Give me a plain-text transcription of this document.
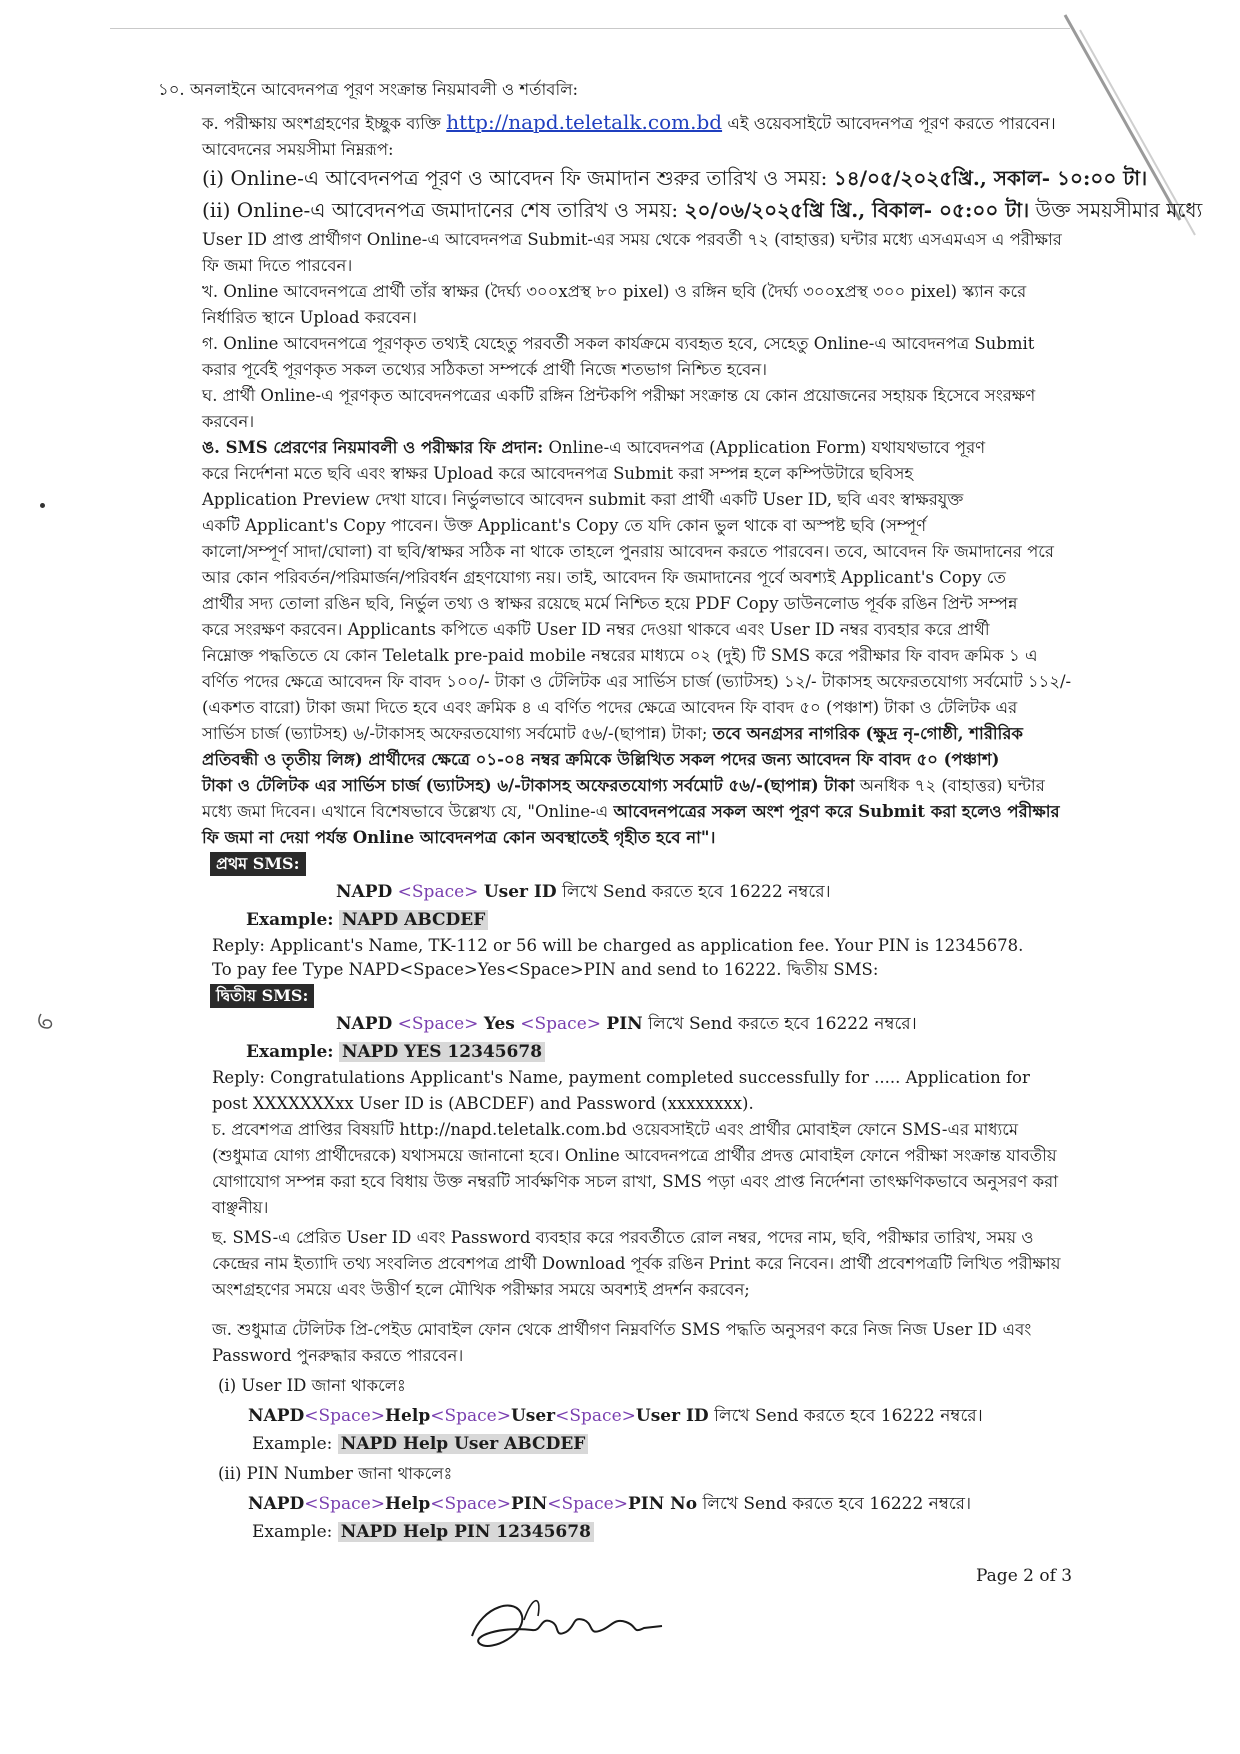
১০. অনলাইনে আবেদনপত্র পূরণ সংক্রান্ত নিয়মাবলী ও শর্তাবলি:
ক. পরীক্ষায় অংশগ্রহণের ইচ্ছুক ব্যক্তি http://napd.teletalk.com.bd এই ওয়েবসাইটে আবেদনপত্র পূরণ করতে পারবেন।
আবেদনের সময়সীমা নিম্নরূপ:
(i) Online-এ আবেদনপত্র পূরণ ও আবেদন ফি জমাদান শুরুর তারিখ ও সময়: ১৪/০৫/২০২৫খ্রি., সকাল- ১০:০০ টা।
(ii) Online-এ আবেদনপত্র জমাদানের শেষ তারিখ ও সময়: ২০/০৬/২০২৫খ্রি খ্রি., বিকাল- ০৫:০০ টা। উক্ত সময়সীমার মধ্যে
User ID প্রাপ্ত প্রার্থীগণ Online-এ আবেদনপত্র Submit-এর সময় থেকে পরবর্তী ৭২ (বাহাত্তর) ঘন্টার মধ্যে এসএমএস এ পরীক্ষার
ফি জমা দিতে পারবেন।
খ. Online আবেদনপত্রে প্রার্থী তাঁর স্বাক্ষর (দৈর্ঘ্য ৩০০xপ্রস্থ ৮০ pixel) ও রঙ্গিন ছবি (দৈর্ঘ্য ৩০০xপ্রস্থ ৩০০ pixel) স্ক্যান করে
নির্ধারিত স্থানে Upload করবেন।
গ. Online আবেদনপত্রে পূরণকৃত তথ্যই যেহেতু পরবর্তী সকল কার্যক্রমে ব্যবহৃত হবে, সেহেতু Online-এ আবেদনপত্র Submit
করার পূর্বেই পূরণকৃত সকল তথ্যের সঠিকতা সম্পর্কে প্রার্থী নিজে শতভাগ নিশ্চিত হবেন।
ঘ. প্রার্থী Online-এ পূরণকৃত আবেদনপত্রের একটি রঙ্গিন প্রিন্টকপি পরীক্ষা সংক্রান্ত যে কোন প্রয়োজনের সহায়ক হিসেবে সংরক্ষণ
করবেন।
ঙ. SMS প্রেরণের নিয়মাবলী ও পরীক্ষার ফি প্রদান: Online-এ আবেদনপত্র (Application Form) যথাযথভাবে পূরণ
করে নির্দেশনা মতে ছবি এবং স্বাক্ষর Upload করে আবেদনপত্র Submit করা সম্পন্ন হলে কম্পিউটারে ছবিসহ
Application Preview দেখা যাবে। নির্ভুলভাবে আবেদন submit করা প্রার্থী একটি User ID, ছবি এবং স্বাক্ষরযুক্ত
একটি Applicant's Copy পাবেন। উক্ত Applicant's Copy তে যদি কোন ভুল থাকে বা অস্পষ্ট ছবি (সম্পূর্ণ
কালো/সম্পূর্ণ সাদা/ঘোলা) বা ছবি/স্বাক্ষর সঠিক না থাকে তাহলে পুনরায় আবেদন করতে পারবেন। তবে, আবেদন ফি জমাদানের পরে
আর কোন পরিবর্তন/পরিমার্জন/পরিবর্ধন গ্রহণযোগ্য নয়। তাই, আবেদন ফি জমাদানের পূর্বে অবশ্যই Applicant's Copy তে
প্রার্থীর সদ্য তোলা রঙিন ছবি, নির্ভুল তথ্য ও স্বাক্ষর রয়েছে মর্মে নিশ্চিত হয়ে PDF Copy ডাউনলোড পূর্বক রঙিন প্রিন্ট সম্পন্ন
করে সংরক্ষণ করবেন। Applicants কপিতে একটি User ID নম্বর দেওয়া থাকবে এবং User ID নম্বর ব্যবহার করে প্রার্থী
নিম্নোক্ত পদ্ধতিতে যে কোন Teletalk pre-paid mobile নম্বরের মাধ্যমে ০২ (দুই) টি SMS করে পরীক্ষার ফি বাবদ ক্রমিক ১ এ
বর্ণিত পদের ক্ষেত্রে আবেদন ফি বাবদ ১০০/- টাকা ও টেলিটক এর সার্ভিস চার্জ (ভ্যাটসহ) ১২/- টাকাসহ অফেরতযোগ্য সর্বমোট ১১২/-
(একশত বারো) টাকা জমা দিতে হবে এবং ক্রমিক ৪ এ বর্ণিত পদের ক্ষেত্রে আবেদন ফি বাবদ ৫০ (পঞ্চাশ) টাকা ও টেলিটক এর
সার্ভিস চার্জ (ভ্যাটসহ) ৬/-টাকাসহ অফেরতযোগ্য সর্বমোট ৫৬/-(ছাপান্ন) টাকা; তবে অনগ্রসর নাগরিক (ক্ষুদ্র নৃ-গোষ্ঠী, শারীরিক
প্রতিবন্ধী ও তৃতীয় লিঙ্গ) প্রার্থীদের ক্ষেত্রে ০১-০৪ নম্বর ক্রমিকে উল্লিখিত সকল পদের জন্য আবেদন ফি বাবদ ৫০ (পঞ্চাশ)
টাকা ও টেলিটক এর সার্ভিস চার্জ (ভ্যাটসহ) ৬/-টাকাসহ অফেরতযোগ্য সর্বমোট ৫৬/-(ছাপান্ন) টাকা অনধিক ৭২ (বাহাত্তর) ঘন্টার
মধ্যে জমা দিবেন। এখানে বিশেষভাবে উল্লেখ্য যে, "Online-এ আবেদনপত্রের সকল অংশ পূরণ করে Submit করা হলেও পরীক্ষার
ফি জমা না দেয়া পর্যন্ত Online আবেদনপত্র কোন অবস্থাতেই গৃহীত হবে না"।
প্রথম SMS:
NAPD <Space> User ID লিখে Send করতে হবে 16222 নম্বরে।
Example: NAPD ABCDEF
Reply: Applicant's Name, TK-112 or 56 will be charged as application fee. Your PIN is 12345678.
To pay fee Type NAPD<Space>Yes<Space>PIN and send to 16222. দ্বিতীয় SMS:
দ্বিতীয় SMS:
NAPD <Space> Yes <Space> PIN লিখে Send করতে হবে 16222 নম্বরে।
Example: NAPD YES 12345678
Reply: Congratulations Applicant's Name, payment completed successfully for ..... Application for
post XXXXXXXxx User ID is (ABCDEF) and Password (xxxxxxxx).
চ. প্রবেশপত্র প্রাপ্তির বিষয়টি http://napd.teletalk.com.bd ওয়েবসাইটে এবং প্রার্থীর মোবাইল ফোনে SMS-এর মাধ্যমে
(শুধুমাত্র যোগ্য প্রার্থীদেরকে) যথাসময়ে জানানো হবে। Online আবেদনপত্রে প্রার্থীর প্রদত্ত মোবাইল ফোনে পরীক্ষা সংক্রান্ত যাবতীয়
যোগাযোগ সম্পন্ন করা হবে বিধায় উক্ত নম্বরটি সার্বক্ষণিক সচল রাখা, SMS পড়া এবং প্রাপ্ত নির্দেশনা তাৎক্ষণিকভাবে অনুসরণ করা
বাঞ্ছনীয়।
ছ. SMS-এ প্রেরিত User ID এবং Password ব্যবহার করে পরবর্তীতে রোল নম্বর, পদের নাম, ছবি, পরীক্ষার তারিখ, সময় ও
কেন্দ্রের নাম ইত্যাদি তথ্য সংবলিত প্রবেশপত্র প্রার্থী Download পূর্বক রঙিন Print করে নিবেন। প্রার্থী প্রবেশপত্রটি লিখিত পরীক্ষায়
অংশগ্রহণের সময়ে এবং উত্তীর্ণ হলে মৌখিক পরীক্ষার সময়ে অবশ্যই প্রদর্শন করবেন;
জ. শুধুমাত্র টেলিটক প্রি-পেইড মোবাইল ফোন থেকে প্রার্থীগণ নিম্নবর্ণিত SMS পদ্ধতি অনুসরণ করে নিজ নিজ User ID এবং
Password পুনরুদ্ধার করতে পারবেন।
(i) User ID জানা থাকলেঃ
NAPD<Space>Help<Space>User<Space>User ID লিখে Send করতে হবে 16222 নম্বরে।
Example: NAPD Help User ABCDEF
(ii) PIN Number জানা থাকলেঃ
NAPD<Space>Help<Space>PIN<Space>PIN No লিখে Send করতে হবে 16222 নম্বরে।
Example: NAPD Help PIN 12345678
Page 2 of 3
